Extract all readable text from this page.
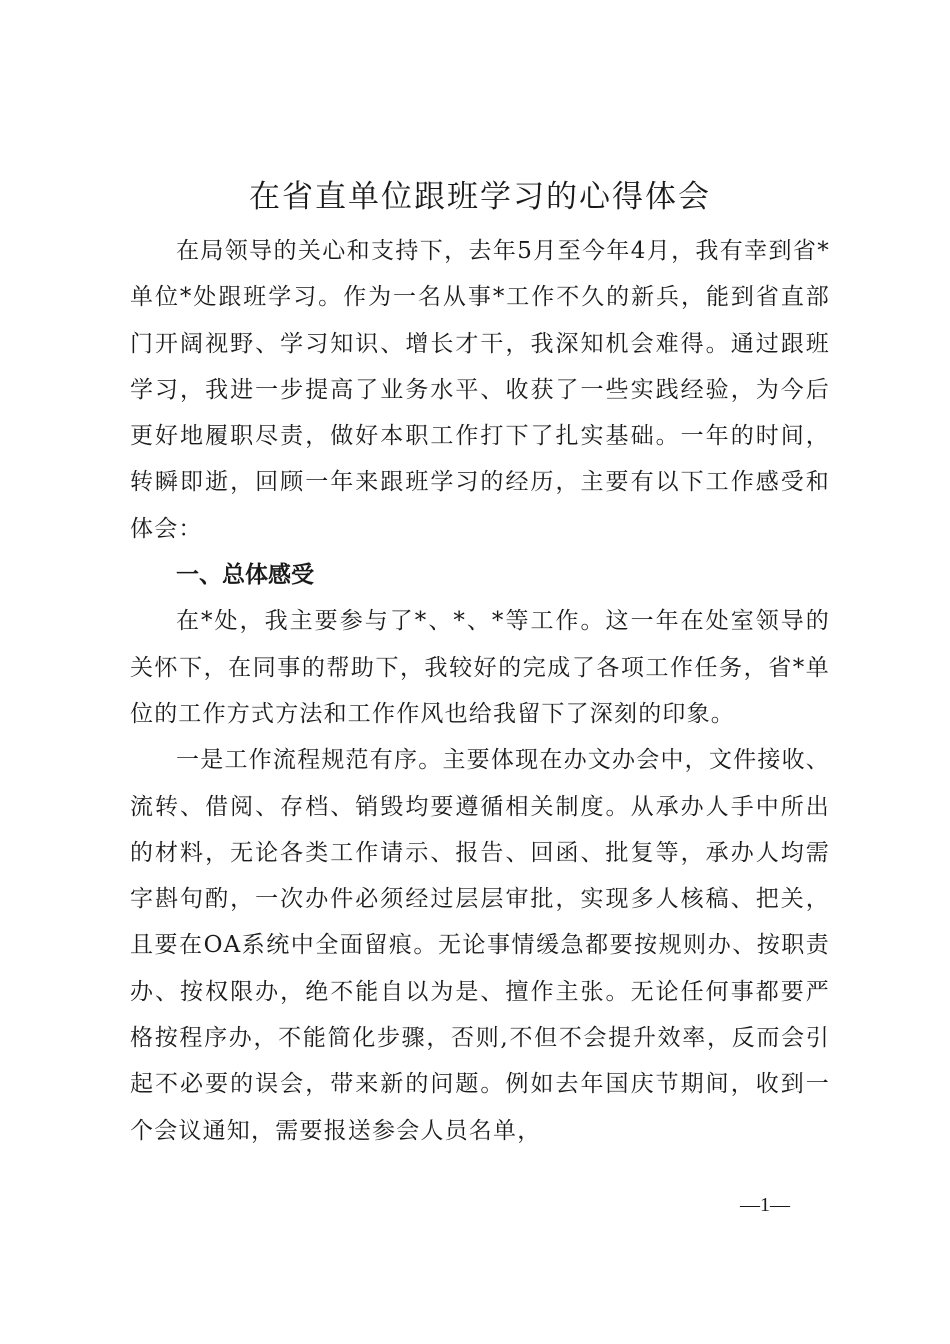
在省直单位跟班学习的心得体会

在局领导的关心和支持下，去年5月至今年4月，我有幸到省*单位*处跟班学习。作为一名从事*工作不久的新兵，能到省直部门开阔视野、学习知识、增长才干，我深知机会难得。通过跟班学习，我进一步提高了业务水平、收获了一些实践经验，为今后更好地履职尽责，做好本职工作打下了扎实基础。一年的时间，转瞬即逝，回顾一年来跟班学习的经历，主要有以下工作感受和体会：

一、总体感受

在*处，我主要参与了*、*、*等工作。这一年在处室领导的关怀下，在同事的帮助下，我较好的完成了各项工作任务，省*单位的工作方式方法和工作作风也给我留下了深刻的印象。

一是工作流程规范有序。主要体现在办文办会中，文件接收、流转、借阅、存档、销毁均要遵循相关制度。从承办人手中所出的材料，无论各类工作请示、报告、回函、批复等，承办人均需字斟句酌，一次办件必须经过层层审批，实现多人核稿、把关，且要在OA系统中全面留痕。无论事情缓急都要按规则办、按职责办、按权限办，绝不能自以为是、擅作主张。无论任何事都要严格按程序办，不能简化步骤，否则,不但不会提升效率，反而会引起不必要的误会，带来新的问题。例如去年国庆节期间，收到一个会议通知，需要报送参会人员名单，

—1—
